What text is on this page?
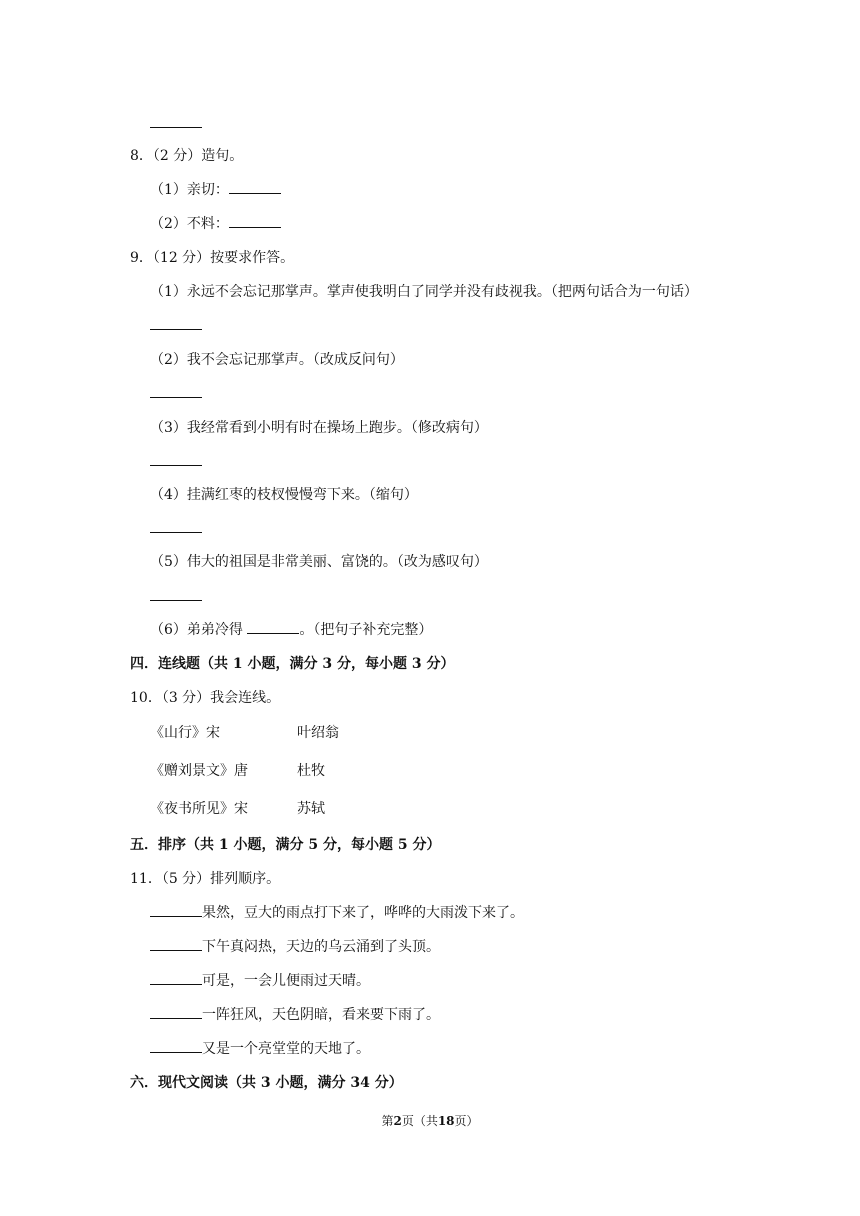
8．（2 分）造句。
（1）亲切：
（2）不料：
9．（12 分）按要求作答。
（1）永远不会忘记那掌声。掌声使我明白了同学并没有歧视我。（把两句话合为一句话）
（2）我不会忘记那掌声。（改成反问句）
（3）我经常看到小明有时在操场上跑步。（修改病句）
（4）挂满红枣的枝杈慢慢弯下来。（缩句）
（5）伟大的祖国是非常美丽、富饶的。（改为感叹句）
（6）弟弟冷得	。（把句子补充完整）
四．连线题（共 1 小题，满分 3 分，每小题 3 分）
10．（3 分）我会连线。
《山行》宋	叶绍翁
《赠刘景文》唐	杜牧
《夜书所见》宋	苏轼
五．排序（共 1 小题，满分 5 分，每小题 5 分）
11．（5 分）排列顺序。
果然，豆大的雨点打下来了，哗哗的大雨泼下来了。
下午真闷热，天边的乌云涌到了头顶。
可是，一会儿便雨过天晴。
一阵狂风，天色阴暗，看来要下雨了。
又是一个亮堂堂的天地了。
六．现代文阅读（共 3 小题，满分 34 分）
第2页（共18页）
